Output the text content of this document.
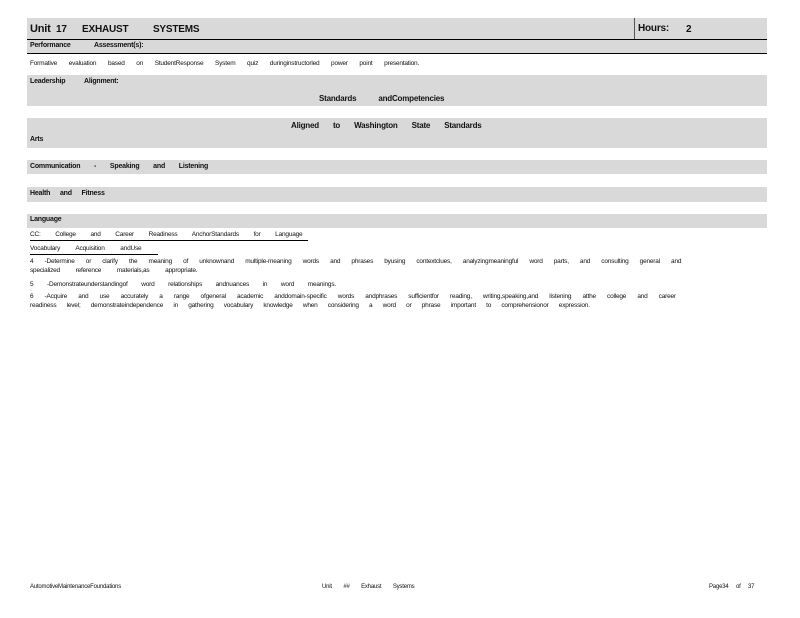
Unit 17 EXHAUST SYSTEMS	Hours: 2
Performance	Assessment(s):
Formative evaluation based on StudentResponse System quiz duringinstructorled power point presentation.
Leadership	Alignment:
Standards andCompetencies
Aligned to Washington State Standards
Arts
Communication - Speaking and Listening
Health and Fitness
Language
CC: College and Career Readiness AnchorStandards for Language
Vocabulary Acquisition andUse
4 -Determine or clarify the meaning of unknownand multiple-meaning words and phrases byusing contextclues, analyzingmeaningful word parts, and consulting general and
specialized reference materials,as appropriate.
5 -Demonstrateunderstandingof word relationships andnuances in word meanings.
6 -Acquire and use accurately a range ofgeneral academic anddomain-specific words andphrases sufficientfor reading, writing,speaking,and listening atthe college and career
readiness level; demonstrateindependence in gathering vocabulary knowledge when considering a word or phrase important to comprehensionor expression.
AutomotiveMaintenanceFoundations	Unit ## Exhaust Systems	Page34 of 37
